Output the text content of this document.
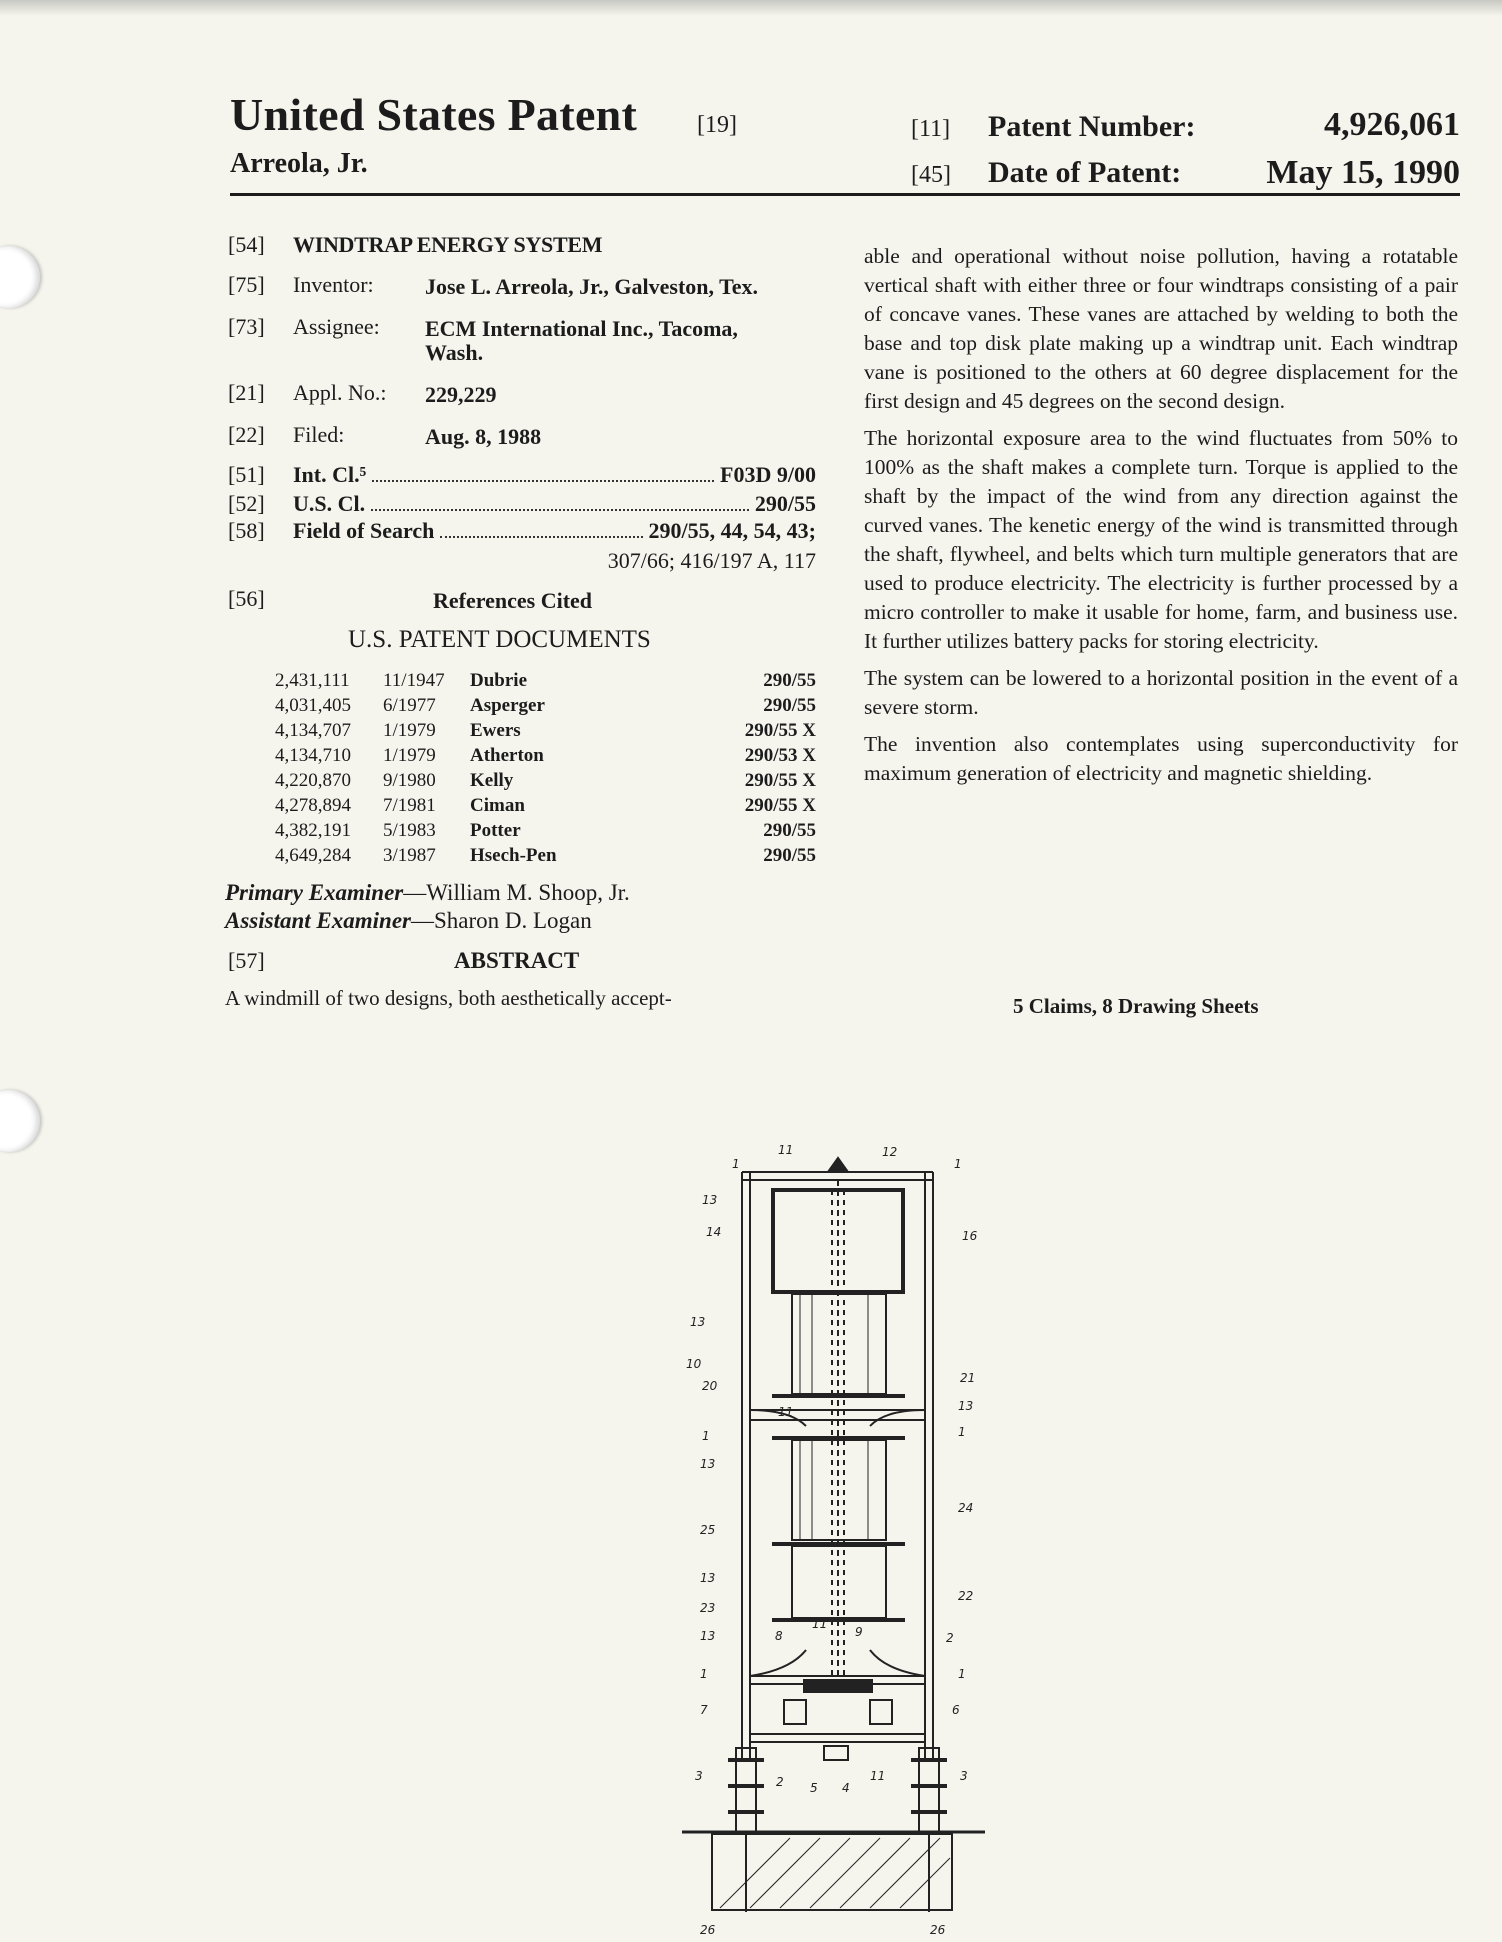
United States Patent [19]
Arreola, Jr.
[11] Patent Number:	4,926,061
[45] Date of Patent:	May 15, 1990
[54] WINDTRAP ENERGY SYSTEM
[75] Inventor: Jose L. Arreola, Jr., Galveston, Tex.
[73] Assignee: ECM International Inc., Tacoma,
Wash.
[21] Appl. No.: 229,229
[22] Filed:	Aug. 8, 1988
[51] Int. Cl.⁵	F03D 9/00
[52] U.S. Cl.	290/55
[58] Field of Search	290/55, 44, 54, 43;
307/66; 416/197 A, 117
[56]	References Cited
U.S. PATENT DOCUMENTS
2,431,111 11/1947 Dubrie	290/55
4,031,405 6/1977 Asperger	290/55
4,134,707 1/1979 Ewers	290/55 X
4,134,710 1/1979 Atherton	290/53 X
4,220,870 9/1980 Kelly	290/55 X
4,278,894 7/1981 Ciman	290/55 X
4,382,191 5/1983 Potter	290/55
4,649,284 3/1987 Hsech-Pen	290/55
Primary Examiner—William M. Shoop, Jr.
Assistant Examiner—Sharon D. Logan
[57]	ABSTRACT
A windmill of two designs, both aesthetically accept-

able and operational without noise pollution, having a rotatable vertical shaft with either three or four windtraps consisting of a pair of concave vanes. These vanes are attached by welding to both the base and top disk plate making up a windtrap unit. Each windtrap vane is positioned to the others at 60 degree displacement for the first design and 45 degrees on the second design.

The horizontal exposure area to the wind fluctuates from 50% to 100% as the shaft makes a complete turn. Torque is applied to the shaft by the impact of the wind from any direction against the curved vanes. The kenetic energy of the wind is transmitted through the shaft, flywheel, and belts which turn multiple generators that are used to produce electricity. The electricity is further processed by a micro controller to make it usable for home, farm, and business use. It further utilizes battery packs for storing electricity.

The system can be lowered to a horizontal position in the event of a severe storm.

The invention also contemplates using superconductivity for maximum generation of electricity and magnetic shielding.

5 Claims, 8 Drawing Sheets
1
11	12
1
13
14	16
13
10
20
21
11	13
1	1
13
24
25
13
22
23
11
9
13	8	2
1	1
7	6
3	2 5 4
11	3
26	26
